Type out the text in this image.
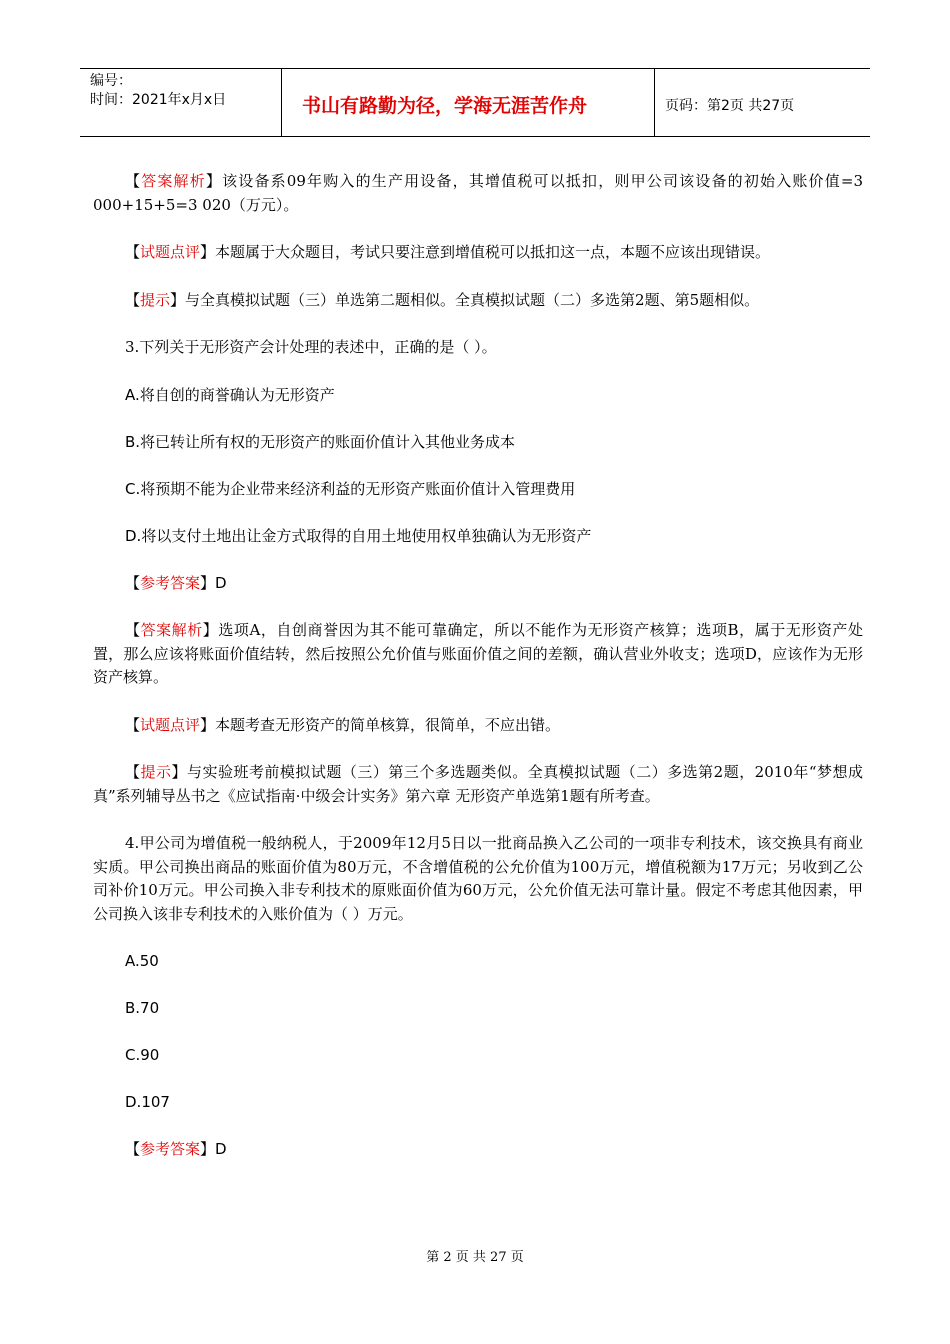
编号：
时间：2021年x月x日	书山有路勤为径，学海无涯苦作舟	页码：第2页 共27页

【答案解析】该设备系09年购入的生产用设备，其增值税可以抵扣，则甲公司该设备的初始入账价值=3 000+15+5=3 020（万元）。

【试题点评】本题属于大众题目，考试只要注意到增值税可以抵扣这一点，本题不应该出现错误。

【提示】与全真模拟试题（三）单选第二题相似。全真模拟试题（二）多选第2题、第5题相似。

3.下列关于无形资产会计处理的表述中，正确的是（ ）。

A.将自创的商誉确认为无形资产
B.将已转让所有权的无形资产的账面价值计入其他业务成本
C.将预期不能为企业带来经济利益的无形资产账面价值计入管理费用
D.将以支付土地出让金方式取得的自用土地使用权单独确认为无形资产

【参考答案】D

【答案解析】选项A，自创商誉因为其不能可靠确定，所以不能作为无形资产核算；选项B，属于无形资产处置，那么应该将账面价值结转，然后按照公允价值与账面价值之间的差额，确认营业外收支；选项D，应该作为无形资产核算。

【试题点评】本题考查无形资产的简单核算，很简单，不应出错。

【提示】与实验班考前模拟试题（三）第三个多选题类似。全真模拟试题（二）多选第2题，2010年“梦想成真”系列辅导丛书之《应试指南·中级会计实务》第六章 无形资产单选第1题有所考查。

4.甲公司为增值税一般纳税人，于2009年12月5日以一批商品换入乙公司的一项非专利技术，该交换具有商业实质。甲公司换出商品的账面价值为80万元，不含增值税的公允价值为100万元，增值税额为17万元；另收到乙公司补价10万元。甲公司换入非专利技术的原账面价值为60万元，公允价值无法可靠计量。假定不考虑其他因素，甲公司换入该非专利技术的入账价值为（ ）万元。

A.50
B.70
C.90
D.107

【参考答案】D

第 2 页 共 27 页
